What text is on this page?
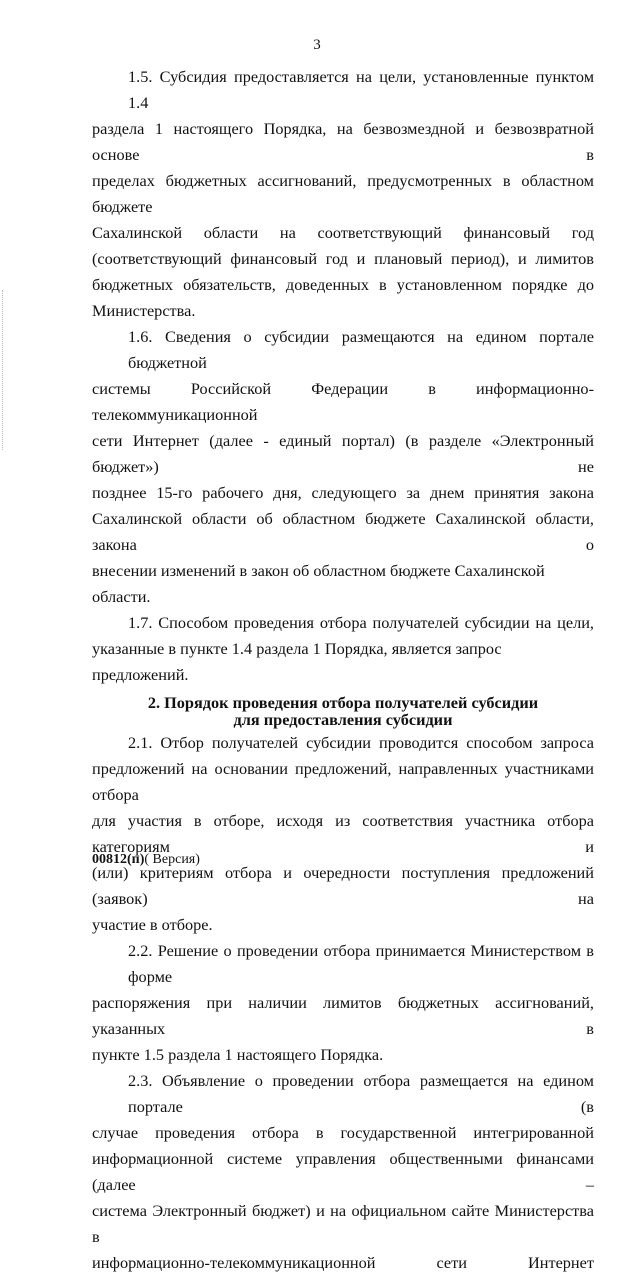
3

1.5. Субсидия предоставляется на цели, установленные пунктом 1.4
раздела 1 настоящего Порядка, на безвозмездной и безвозвратной основе в
пределах бюджетных ассигнований, предусмотренных в областном бюджете
Сахалинской области на соответствующий финансовый год
(соответствующий финансовый год и плановый период), и лимитов
бюджетных обязательств, доведенных в установленном порядке до
Министерства.

1.6. Сведения о субсидии размещаются на едином портале бюджетной
системы Российской Федерации в информационно-телекоммуникационной
сети Интернет (далее - единый портал) (в разделе «Электронный бюджет») не
позднее 15-го рабочего дня, следующего за днем принятия закона
Сахалинской области об областном бюджете Сахалинской области, закона о
внесении изменений в закон об областном бюджете Сахалинской области.

1.7. Способом проведения отбора получателей субсидии на цели,
указанные в пункте 1.4 раздела 1 Порядка, является запрос предложений.

2. Порядок проведения отбора получателей субсидии
для предоставления субсидии

2.1. Отбор получателей субсидии проводится способом запроса
предложений на основании предложений, направленных участниками отбора
для участия в отборе, исходя из соответствия участника отбора категориям и
(или) критериям отбора и очередности поступления предложений (заявок) на
участие в отборе.

2.2. Решение о проведении отбора принимается Министерством в форме
распоряжения при наличии лимитов бюджетных ассигнований, указанных в
пункте 1.5 раздела 1 настоящего Порядка.

2.3. Объявление о проведении отбора размещается на едином портале (в
случае проведения отбора в государственной интегрированной
информационной системе управления общественными финансами (далее –
система Электронный бюджет) и на официальном сайте Министерства в
информационно-телекоммуникационной сети Интернет

00812(п)( Версия)
